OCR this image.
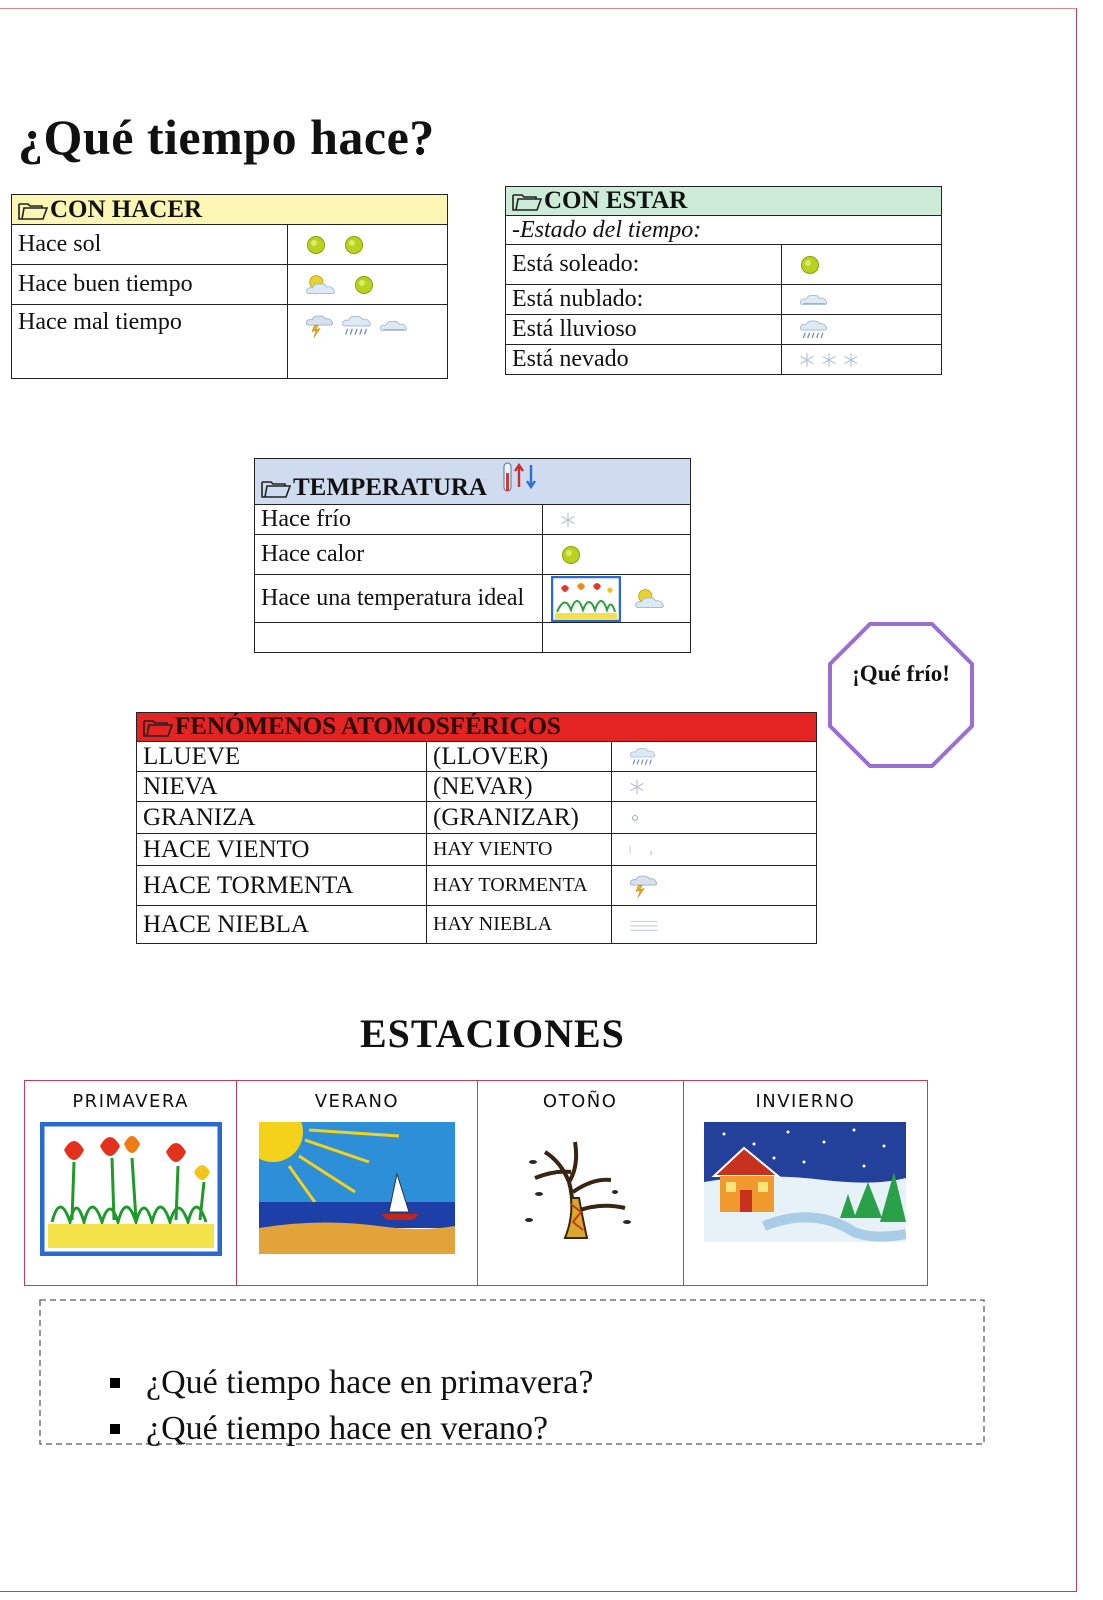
¿Qué tiempo hace?
CON HACER	
Hace sol	

Hace buen tiempo	

Hace mal tiempo	
CON ESTAR	
-Estado del tiempo:	
Está soleado:	

Está nublado:	

Está lluvioso	

Está nevado	
TEMPERATURA	
Hace frío	

Hace calor	

Hace una temperatura ideal	

¡Qué frío!
FENÓMENOS ATOMOSFÉRICOS		
LLUEVE	(LLOVER)	

NIEVA	(NEVAR)	

GRANIZA	(GRANIZAR)	

HACE VIENTO	HAY VIENTO	

HACE TORMENTA	HAY TORMENTA	

HACE NIEBLA	HAY NIEBLA	
ESTACIONES
PRIMAVERA	VERANO	OTOÑO	INVIERNO
¿Qué tiempo hace en primavera?
¿Qué tiempo hace en verano?
